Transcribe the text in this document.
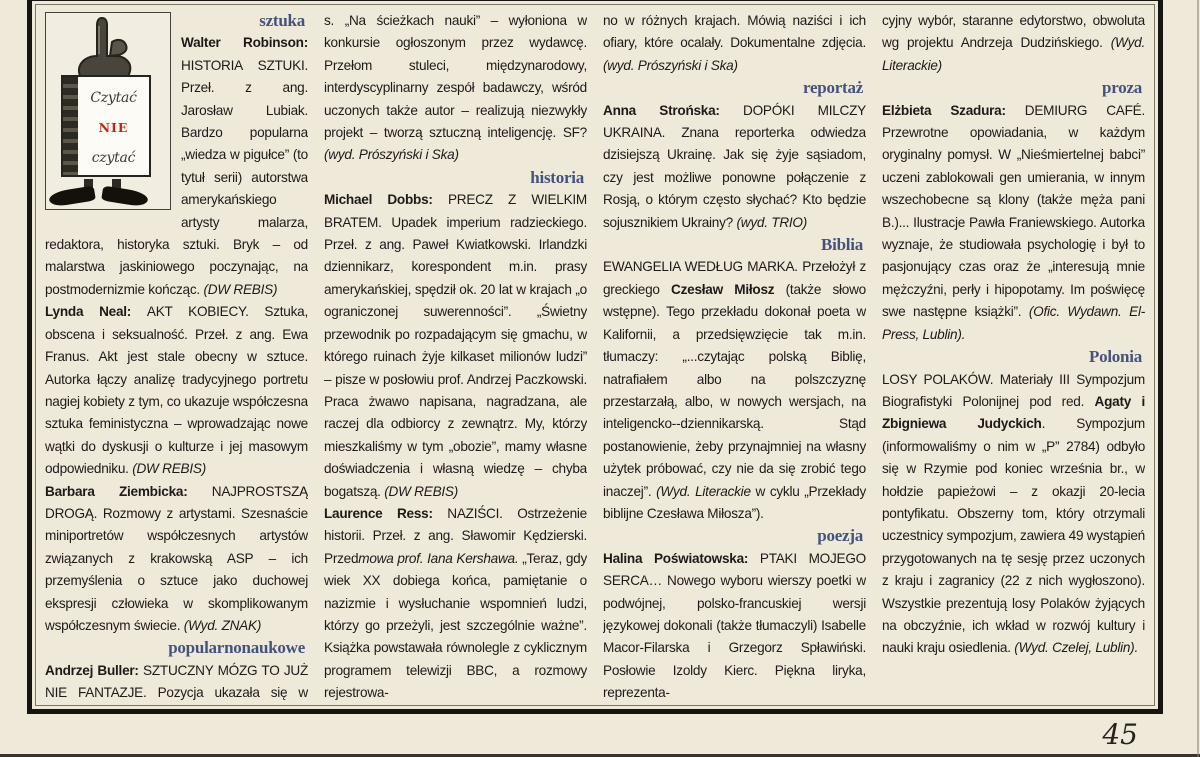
Czytać
NIE
czytać
sztuka

Walter Robinson: HISTORIA SZTUKI. Przeł. z ang. Jarosław Lubiak. Bardzo popularna „wiedza w pigułce” (to tytuł serii) autorstwa amerykańskiego artysty malarza, redaktora, historyka sztuki. Bryk – od malarstwa jaskiniowego poczynając, na postmodernizmie kończąc. (DW REBIS)

Lynda Neal: AKT KOBIECY. Sztuka, obscena i seksualność. Przeł. z ang. Ewa Franus. Akt jest stale obecny w sztuce. Autorka łączy analizę tradycyjnego portretu nagiej kobiety z tym, co ukazuje współczesna sztuka feministyczna – wprowadzając nowe wątki do dyskusji o kulturze i jej masowym odpowiedniku. (DW REBIS)

Barbara Ziembicka: NAJPROSTSZĄ DROGĄ. Rozmowy z artystami. Szesnaście miniportretów współczesnych artystów związanych z krakowską ASP – ich przemyślenia o sztuce jako duchowej ekspresji człowieka w skomplikowanym współczesnym świecie. (Wyd. ZNAK)

popularnonaukowe

Andrzej Buller: SZTUCZNY MÓZG TO JUŻ NIE FANTAZJE. Pozycja ukazała się w

s. „Na ścieżkach nauki” – wyłoniona w konkursie ogłoszonym przez wydawcę. Przełom stuleci, międzynarodowy, interdyscyplinarny zespół badawczy, wśród uczonych także autor – realizują niezwykły projekt – tworzą sztuczną inteligencję. SF? (wyd. Prószyński i Ska)

historia

Michael Dobbs: PRECZ Z WIELKIM BRATEM. Upadek imperium radzieckiego. Przeł. z ang. Paweł Kwiatkowski. Irlandzki dziennikarz, korespondent m.in. prasy amerykańskiej, spędził ok. 20 lat w krajach „o ograniczonej suwerenności”. „Świetny przewodnik po rozpadającym się gmachu, w którego ruinach żyje kilkaset milionów ludzi” – pisze w posłowiu prof. Andrzej Paczkowski. Praca żwawo napisana, nagradzana, ale raczej dla odbiorcy z zewnątrz. My, którzy mieszkaliśmy w tym „obozie”, mamy własne doświadczenia i własną wiedzę – chyba bogatszą. (DW REBIS)

Laurence Ress: NAZIŚCI. Ostrzeżenie historii. Przeł. z ang. Sławomir Kędzierski. Przedmowa prof. Iana Kershawa. „Teraz, gdy wiek XX dobiega końca, pamiętanie o nazizmie i wysłuchanie wspomnień ludzi, którzy go przeżyli, jest szczególnie ważne”. Książka powstawała równolegle z cyklicznym programem telewizji BBC, a rozmowy rejestrowa-

no w różnych krajach. Mówią naziści i ich ofiary, które ocalały. Dokumentalne zdjęcia. (wyd. Prószyński i Ska)

reportaż

Anna Strońska: DOPÓKI MILCZY UKRAINA. Znana reporterka odwiedza dzisiejszą Ukrainę. Jak się żyje sąsiadom, czy jest możliwe ponowne połączenie z Rosją, o którym często słychać? Kto będzie sojusznikiem Ukrainy? (wyd. TRIO)

Biblia

EWANGELIA WEDŁUG MARKA. Przełożył z greckiego Czesław Miłosz (także słowo wstępne). Tego przekładu dokonał poeta w Kalifornii, a przedsięwzięcie tak m.in. tłumaczy: „...czytając polską Biblię, natrafiałem albo na polszczyznę przestarzałą, albo, w nowych wersjach, na inteligencko--dziennikarską. Stąd postanowienie, żeby przynajmniej na własny użytek próbować, czy nie da się zrobić tego inaczej”. (Wyd. Literackie w cyklu „Przekłady biblijne Czesława Miłosza”).

poezja

Halina Poświatowska: PTAKI MOJEGO SERCA… Nowego wyboru wierszy poetki w podwójnej, polsko-francuskiej wersji językowej dokonali (także tłumaczyli) Isabelle Macor-Filarska i Grzegorz Spławiński. Posłowie Izoldy Kierc. Piękna liryka, reprezenta-

cyjny wybór, staranne edytorstwo, obwoluta wg projektu Andrzeja Dudzińskiego. (Wyd. Literackie)

proza

Elżbieta Szadura: DEMIURG CAFÉ. Przewrotne opowiadania, w każdym oryginalny pomysł. W „Nieśmiertelnej babci” uczeni zablokowali gen umierania, w innym wszechobecne są klony (także męża pani B.)... Ilustracje Pawła Franiewskiego. Autorka wyznaje, że studiowała psychologię i był to pasjonujący czas oraz że „interesują mnie mężczyźni, perły i hipopotamy. Im poświęcę swe następne książki”. (Ofic. Wydawn. El-Press, Lublin).

Polonia

LOSY POLAKÓW. Materiały III Sympozjum Biografistyki Polonijnej pod red. Agaty i Zbigniewa Judyckich. Sympozjum (informowaliśmy o nim w „P” 2784) odbyło się w Rzymie pod koniec września br., w hołdzie papieżowi – z okazji 20-lecia pontyfikatu. Obszerny tom, który otrzymali uczestnicy sympozjum, zawiera 49 wystąpień przygotowanych na tę sesję przez uczonych z kraju i zagranicy (22 z nich wygłoszono). Wszystkie prezentują losy Polaków żyjących na obczyźnie, ich wkład w rozwój kultury i nauki kraju osiedlenia. (Wyd. Czelej, Lublin).

45
